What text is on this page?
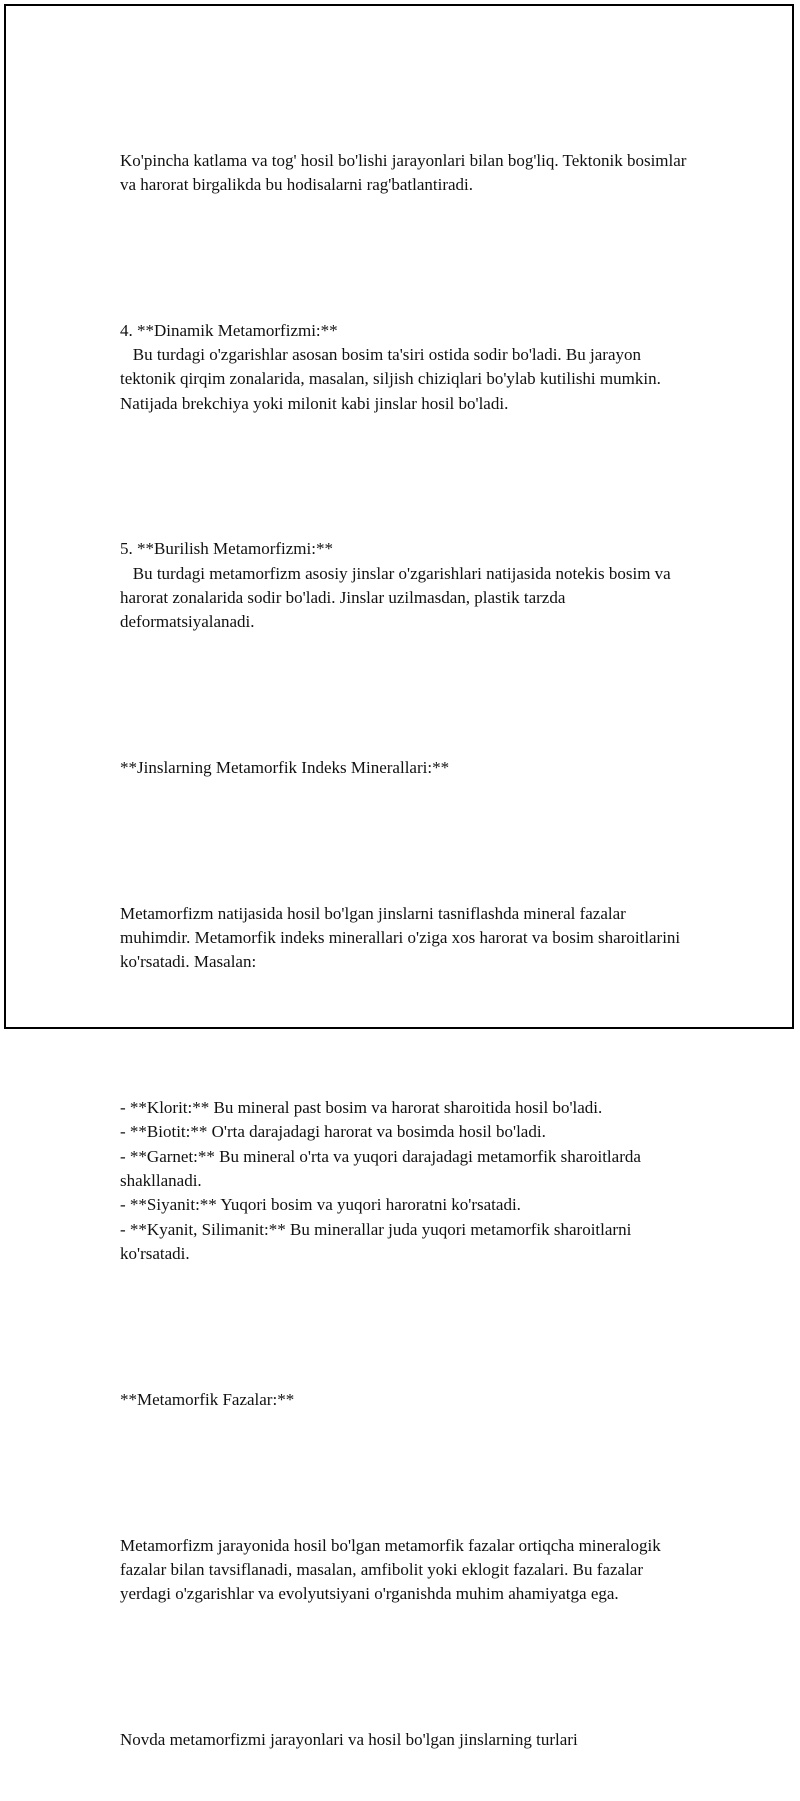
Ko'pincha katlama va tog' hosil bo'lishi jarayonlari bilan bog'liq. Tektonik bosimlar va harorat birgalikda bu hodisalarni rag'batlantiradi.

4. **Dinamik Metamorfizmi:**
Bu turdagi o'zgarishlar asosan bosim ta'siri ostida sodir bo'ladi. Bu jarayon tektonik qirqim zonalarida, masalan, siljish chiziqlari bo'ylab kutilishi mumkin. Natijada brekchiya yoki milonit kabi jinslar hosil bo'ladi.

5. **Burilish Metamorfizmi:**
Bu turdagi metamorfizm asosiy jinslar o'zgarishlari natijasida notekis bosim va harorat zonalarida sodir bo'ladi. Jinslar uzilmasdan, plastik tarzda deformatsiyalanadi.

**Jinslarning Metamorfik Indeks Minerallari:**

Metamorfizm natijasida hosil bo'lgan jinslarni tasniflashda mineral fazalar muhimdir. Metamorfik indeks minerallari o'ziga xos harorat va bosim sharoitlarini ko'rsatadi. Masalan:

- **Klorit:** Bu mineral past bosim va harorat sharoitida hosil bo'ladi.
- **Biotit:** O'rta darajadagi harorat va bosimda hosil bo'ladi.
- **Garnet:** Bu mineral o'rta va yuqori darajadagi metamorfik sharoitlarda shakllanadi.
- **Siyanit:** Yuqori bosim va yuqori haroratni ko'rsatadi.
- **Kyanit, Silimanit:** Bu minerallar juda yuqori metamorfik sharoitlarni ko'rsatadi.

**Metamorfik Fazalar:**

Metamorfizm jarayonida hosil bo'lgan metamorfik fazalar ortiqcha mineralogik fazalar bilan tavsiflanadi, masalan, amfibolit yoki eklogit fazalari. Bu fazalar yerdagi o'zgarishlar va evolyutsiyani o'rganishda muhim ahamiyatga ega.

Novda metamorfizmi jarayonlari va hosil bo'lgan jinslarning turlari
